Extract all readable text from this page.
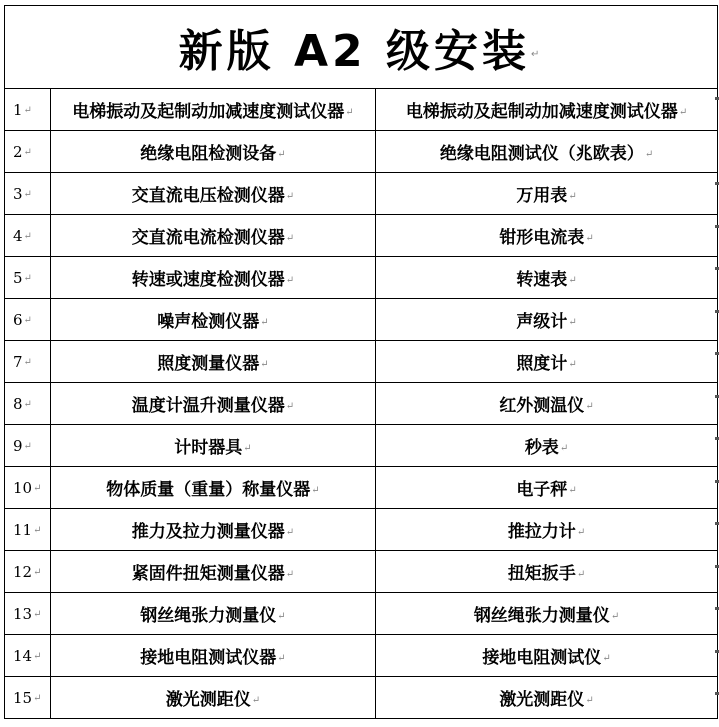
新版 A2 级安装↵		
1↵	电梯振动及起制动加减速度测试仪器↵	电梯振动及起制动加减速度测试仪器↵
2↵	绝缘电阻检测设备↵	绝缘电阻测试仪（兆欧表）↵
3↵	交直流电压检测仪器↵	万用表↵
4↵	交直流电流检测仪器↵	钳形电流表↵
5↵	转速或速度检测仪器↵	转速表↵
6↵	噪声检测仪器↵	声级计↵
7↵	照度测量仪器↵	照度计↵
8↵	温度计温升测量仪器↵	红外测温仪↵
9↵	计时器具↵	秒表↵
10↵	物体质量（重量）称量仪器↵	电子秤↵
11↵	推力及拉力测量仪器↵	推拉力计↵
12↵	紧固件扭矩测量仪器↵	扭矩扳手↵
13↵	钢丝绳张力测量仪↵	钢丝绳张力测量仪↵
14↵	接地电阻测试仪器↵	接地电阻测试仪↵
15↵	激光测距仪↵	激光测距仪↵
